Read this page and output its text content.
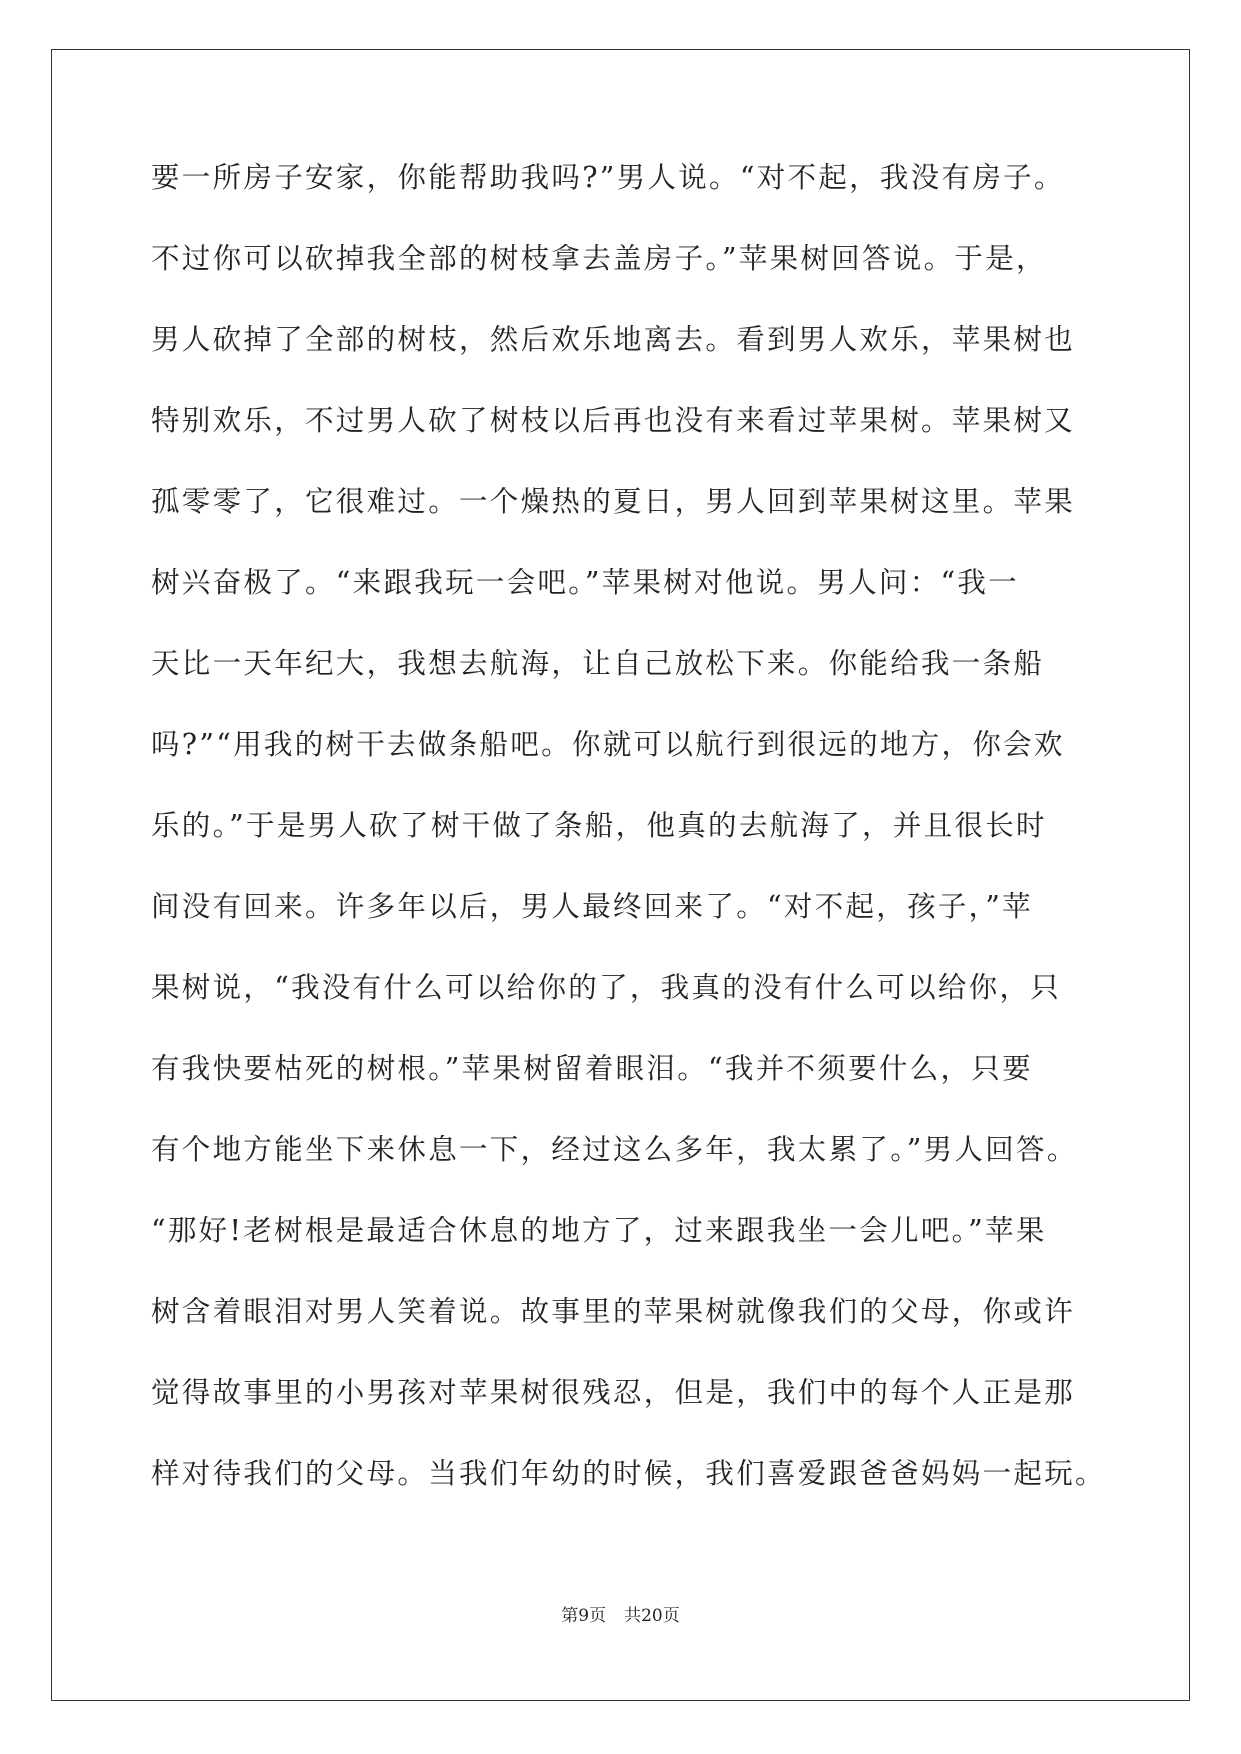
要一所房子安家，你能帮助我吗?”男人说。“对不起，我没有房子。
不过你可以砍掉我全部的树枝拿去盖房子。”苹果树回答说。于是，
男人砍掉了全部的树枝，然后欢乐地离去。看到男人欢乐，苹果树也
特别欢乐，不过男人砍了树枝以后再也没有来看过苹果树。苹果树又
孤零零了，它很难过。一个燥热的夏日，男人回到苹果树这里。苹果
树兴奋极了。“来跟我玩一会吧。”苹果树对他说。男人问：“我一
天比一天年纪大，我想去航海，让自己放松下来。你能给我一条船
吗?”“用我的树干去做条船吧。你就可以航行到很远的地方，你会欢
乐的。”于是男人砍了树干做了条船，他真的去航海了，并且很长时
间没有回来。许多年以后，男人最终回来了。“对不起，孩子，”苹
果树说，“我没有什么可以给你的了，我真的没有什么可以给你，只
有我快要枯死的树根。”苹果树留着眼泪。“我并不须要什么，只要
有个地方能坐下来休息一下，经过这么多年，我太累了。”男人回答。
“那好!老树根是最适合休息的地方了，过来跟我坐一会儿吧。”苹果
树含着眼泪对男人笑着说。故事里的苹果树就像我们的父母，你或许
觉得故事里的小男孩对苹果树很残忍，但是，我们中的每个人正是那
样对待我们的父母。当我们年幼的时候，我们喜爱跟爸爸妈妈一起玩。
第9页 共20页
